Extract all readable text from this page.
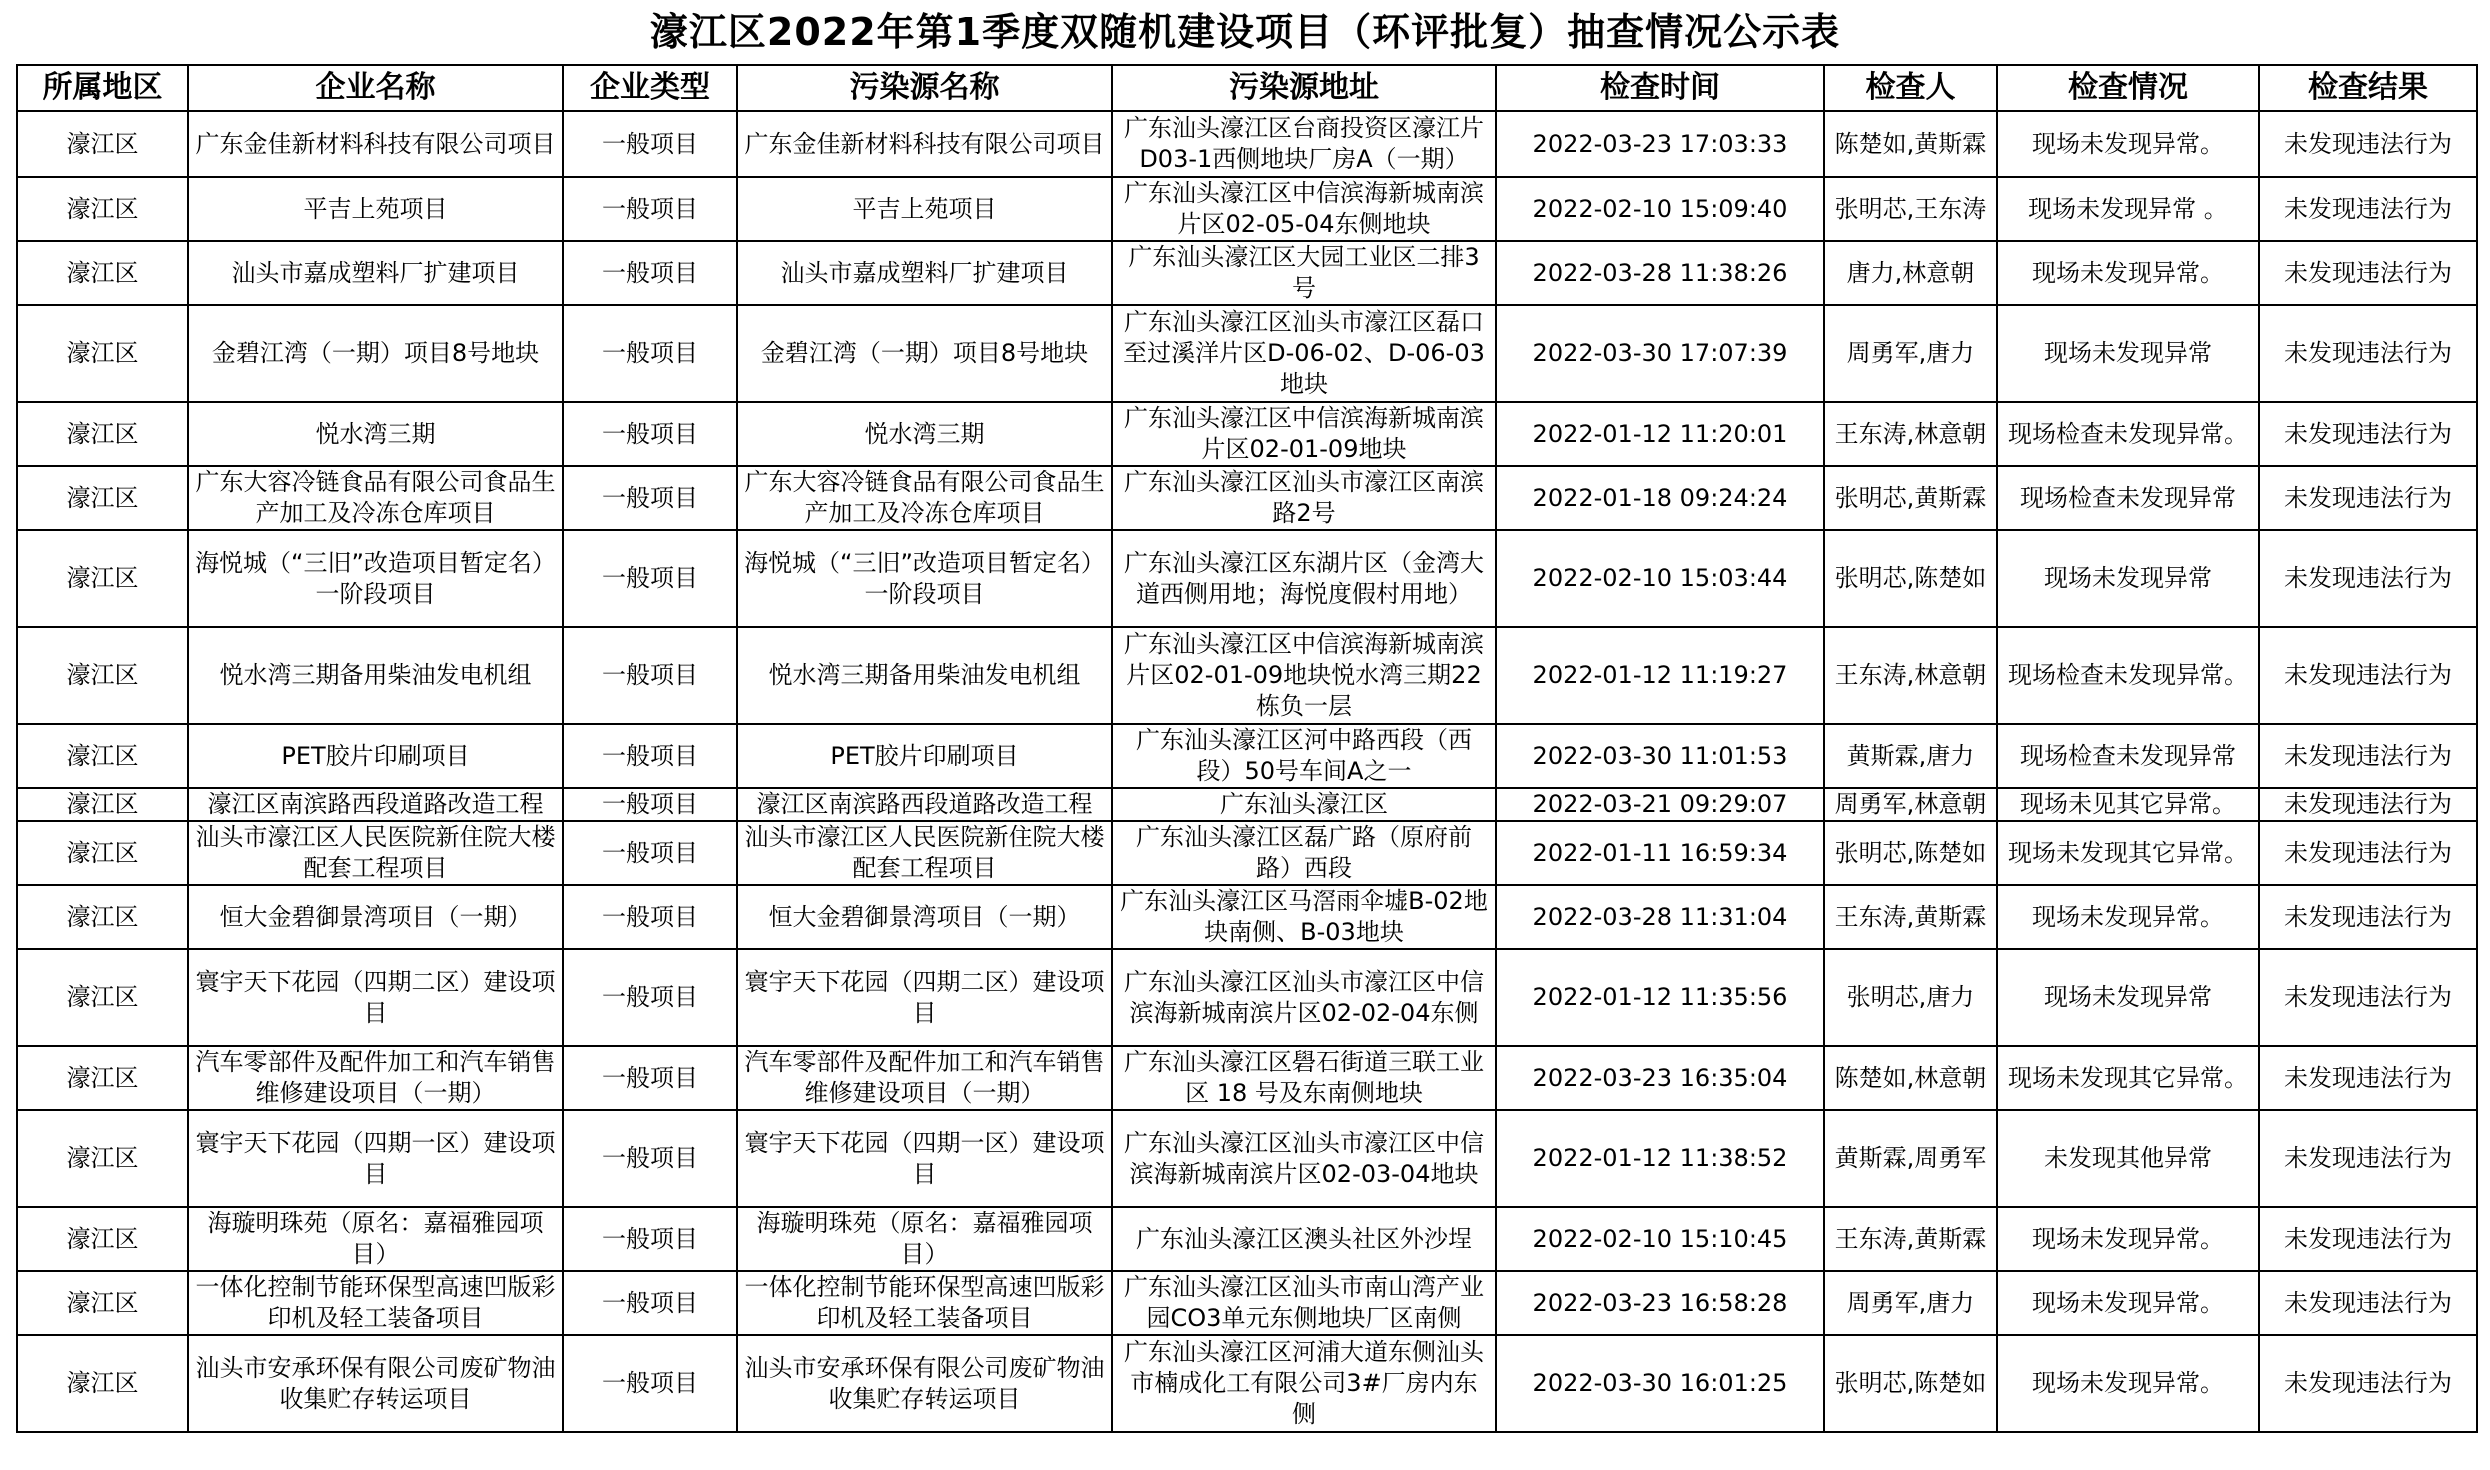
濠江区2022年第1季度双随机建设项目（环评批复）抽查情况公示表
所属地区	企业名称	企业类型	污染源名称	污染源地址	检查时间	检查人	检查情况	检查结果
濠江区	广东金佳新材料科技有限公司项目	一般项目	广东金佳新材料科技有限公司项目	广东汕头濠江区台商投资区濠江片D03-1西侧地块厂房A（一期）	2022-03-23 17:03:33	陈楚如,黄斯霖	现场未发现异常。	未发现违法行为
濠江区	平吉上苑项目	一般项目	平吉上苑项目	广东汕头濠江区中信滨海新城南滨片区02-05-04东侧地块	2022-02-10 15:09:40	张明芯,王东涛	现场未发现异常 。	未发现违法行为
濠江区	汕头市嘉成塑料厂扩建项目	一般项目	汕头市嘉成塑料厂扩建项目	广东汕头濠江区大园工业区二排3号	2022-03-28 11:38:26	唐力,林意朝	现场未发现异常。	未发现违法行为
濠江区	金碧江湾（一期）项目8号地块	一般项目	金碧江湾（一期）项目8号地块	广东汕头濠江区汕头市濠江区磊口至过溪洋片区D-06-02、D-06-03地块	2022-03-30 17:07:39	周勇军,唐力	现场未发现异常	未发现违法行为
濠江区	悦水湾三期	一般项目	悦水湾三期	广东汕头濠江区中信滨海新城南滨片区02-01-09地块	2022-01-12 11:20:01	王东涛,林意朝	现场检查未发现异常。	未发现违法行为
濠江区	广东大容冷链食品有限公司食品生产加工及冷冻仓库项目	一般项目	广东大容冷链食品有限公司食品生产加工及冷冻仓库项目	广东汕头濠江区汕头市濠江区南滨路2号	2022-01-18 09:24:24	张明芯,黄斯霖	现场检查未发现异常	未发现违法行为
濠江区	海悦城（“三旧”改造项目暂定名）一阶段项目	一般项目	海悦城（“三旧”改造项目暂定名）一阶段项目	广东汕头濠江区东湖片区（金湾大道西侧用地；海悦度假村用地）	2022-02-10 15:03:44	张明芯,陈楚如	现场未发现异常	未发现违法行为
濠江区	悦水湾三期备用柴油发电机组	一般项目	悦水湾三期备用柴油发电机组	广东汕头濠江区中信滨海新城南滨片区02-01-09地块悦水湾三期22栋负一层	2022-01-12 11:19:27	王东涛,林意朝	现场检查未发现异常。	未发现违法行为
濠江区	PET胶片印刷项目	一般项目	PET胶片印刷项目	广东汕头濠江区河中路西段（西段）50号车间A之一	2022-03-30 11:01:53	黄斯霖,唐力	现场检查未发现异常	未发现违法行为
濠江区	濠江区南滨路西段道路改造工程	一般项目	濠江区南滨路西段道路改造工程	广东汕头濠江区	2022-03-21 09:29:07	周勇军,林意朝	现场未见其它异常。	未发现违法行为
濠江区	汕头市濠江区人民医院新住院大楼配套工程项目	一般项目	汕头市濠江区人民医院新住院大楼配套工程项目	广东汕头濠江区磊广路（原府前路）西段	2022-01-11 16:59:34	张明芯,陈楚如	现场未发现其它异常。	未发现违法行为
濠江区	恒大金碧御景湾项目（一期）	一般项目	恒大金碧御景湾项目（一期）	广东汕头濠江区马滘雨伞墟B-02地块南侧、B-03地块	2022-03-28 11:31:04	王东涛,黄斯霖	现场未发现异常。	未发现违法行为
濠江区	寰宇天下花园（四期二区）建设项目	一般项目	寰宇天下花园（四期二区）建设项目	广东汕头濠江区汕头市濠江区中信滨海新城南滨片区02-02-04东侧	2022-01-12 11:35:56	张明芯,唐力	现场未发现异常	未发现违法行为
濠江区	汽车零部件及配件加工和汽车销售维修建设项目（一期）	一般项目	汽车零部件及配件加工和汽车销售维修建设项目（一期）	广东汕头濠江区礐石街道三联工业区 18 号及东南侧地块	2022-03-23 16:35:04	陈楚如,林意朝	现场未发现其它异常。	未发现违法行为
濠江区	寰宇天下花园（四期一区）建设项目	一般项目	寰宇天下花园（四期一区）建设项目	广东汕头濠江区汕头市濠江区中信滨海新城南滨片区02-03-04地块	2022-01-12 11:38:52	黄斯霖,周勇军	未发现其他异常	未发现违法行为
濠江区	海璇明珠苑（原名：嘉福雅园项目）	一般项目	海璇明珠苑（原名：嘉福雅园项目）	广东汕头濠江区澳头社区外沙埕	2022-02-10 15:10:45	王东涛,黄斯霖	现场未发现异常。	未发现违法行为
濠江区	一体化控制节能环保型高速凹版彩印机及轻工装备项目	一般项目	一体化控制节能环保型高速凹版彩印机及轻工装备项目	广东汕头濠江区汕头市南山湾产业园CO3单元东侧地块厂区南侧	2022-03-23 16:58:28	周勇军,唐力	现场未发现异常。	未发现违法行为
濠江区	汕头市安承环保有限公司废矿物油收集贮存转运项目	一般项目	汕头市安承环保有限公司废矿物油收集贮存转运项目	广东汕头濠江区河浦大道东侧汕头市楠成化工有限公司3#厂房内东侧	2022-03-30 16:01:25	张明芯,陈楚如	现场未发现异常。	未发现违法行为
